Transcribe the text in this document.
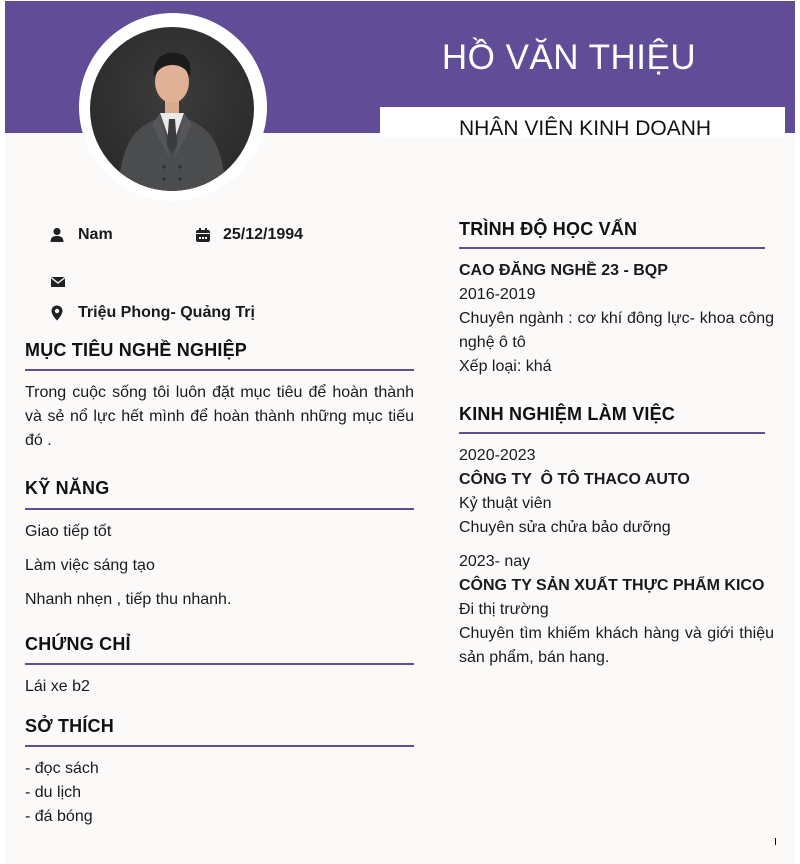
HỒ VĂN THIỆU
NHÂN VIÊN KINH DOANH
Nam	25/12/1994
Triệu Phong- Quảng Trị
MỤC TIÊU NGHỀ NGHIỆP
Trong cuộc sống tôi luôn đặt mục tiêu để hoàn thành và sẻ nổ lực hết mình để hoàn thành những mục tiếu đó .
KỸ NĂNG
Giao tiếp tốt
Làm việc sáng tạo
Nhanh nhẹn , tiếp thu nhanh.
CHỨNG CHỈ
Lái xe b2
SỞ THÍCH
- đọc sách
- du lịch
- đá bóng
TRÌNH ĐỘ HỌC VẤN
CAO ĐĂNG NGHỀ 23 - BQP
2016-2019
Chuyên ngành : cơ khí đông lực- khoa công nghệ ô tô
Xếp loại: khá
KINH NGHIỆM LÀM VIỆC
2020-2023
CÔNG TY  Ô TÔ THACO AUTO
Kỷ thuật viên
Chuyên sửa chửa bảo dưỡng
2023- nay
CÔNG TY SẢN XUẤT THỰC PHẨM KICO
Đi thị trường
Chuyên tìm khiếm khách hàng và giới thiệu sản phẩm, bán hang.
